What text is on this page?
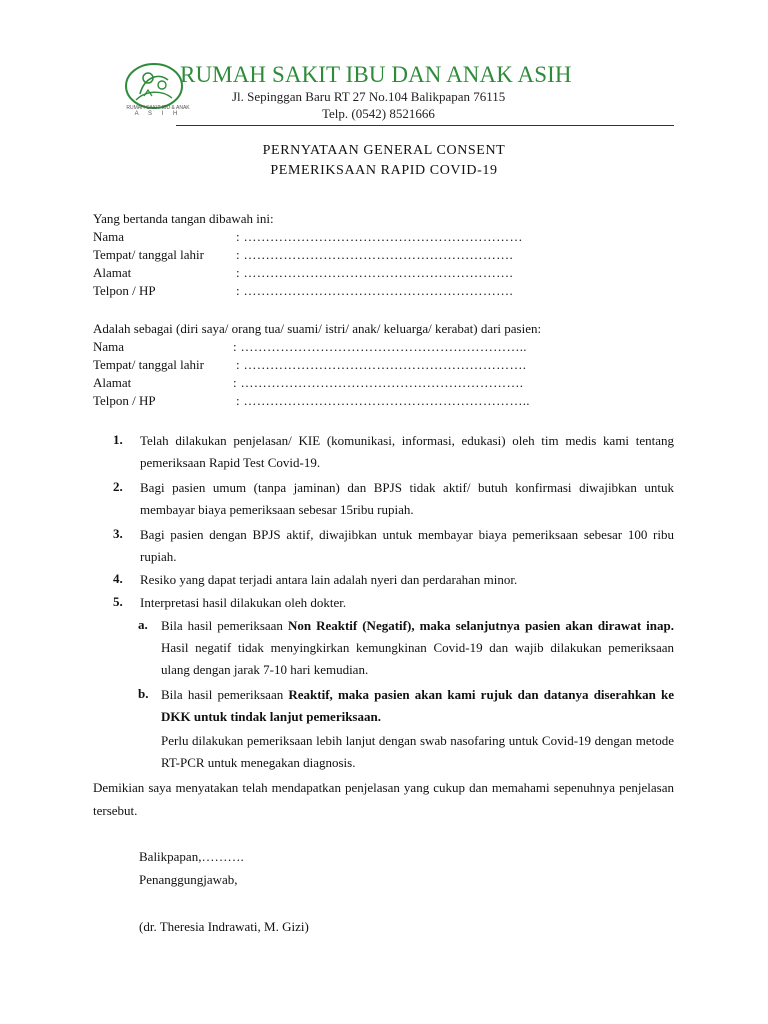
RUMAH SAKIT IBU & ANAK
A S I H
RUMAH SAKIT IBU DAN ANAK ASIH
Jl. Sepinggan Baru RT 27 No.104 Balikpapan 76115
Telp. (0542) 8521666
PERNYATAAN GENERAL CONSENT
PEMERIKSAAN RAPID COVID-19
Yang bertanda tangan dibawah ini:
Nama	: ………………………………………………………
Tempat/ tanggal lahir : …………………………………………………….
Alamat	: …………………………………………………….
Telpon / HP	: …………………………………………………….
Adalah sebagai (diri saya/ orang tua/ suami/ istri/ anak/ keluarga/ kerabat) dari pasien:
Nama	: ………………………………………………………..
Tempat/ tanggal lahir : ……………………………………………………….
Alamat	: ……………………………………………………….
Telpon / HP	: ………………………………………………………..
1. Telah dilakukan penjelasan/ KIE (komunikasi, informasi, edukasi) oleh tim medis kami tentang pemeriksaan Rapid Test Covid-19.
2. Bagi pasien umum (tanpa jaminan) dan BPJS tidak aktif/ butuh konfirmasi diwajibkan untuk membayar biaya pemeriksaan sebesar 15ribu rupiah.
3. Bagi pasien dengan BPJS aktif, diwajibkan untuk membayar biaya pemeriksaan sebesar 100 ribu rupiah.
4. Resiko yang dapat terjadi antara lain adalah nyeri dan perdarahan minor.
5. Interpretasi hasil dilakukan oleh dokter.
a. Bila hasil pemeriksaan Non Reaktif (Negatif), maka selanjutnya pasien akan dirawat inap. Hasil negatif tidak menyingkirkan kemungkinan Covid-19 dan wajib dilakukan pemeriksaan ulang dengan jarak 7-10 hari kemudian.
b. Bila hasil pemeriksaan Reaktif, maka pasien akan kami rujuk dan datanya diserahkan ke DKK untuk tindak lanjut pemeriksaan.
Perlu dilakukan pemeriksaan lebih lanjut dengan swab nasofaring untuk Covid-19 dengan metode RT-PCR untuk menegakan diagnosis.
Demikian saya menyatakan telah mendapatkan penjelasan yang cukup dan memahami sepenuhnya penjelasan tersebut.
Balikpapan,……….
Penanggungjawab,
(dr. Theresia Indrawati, M. Gizi)
